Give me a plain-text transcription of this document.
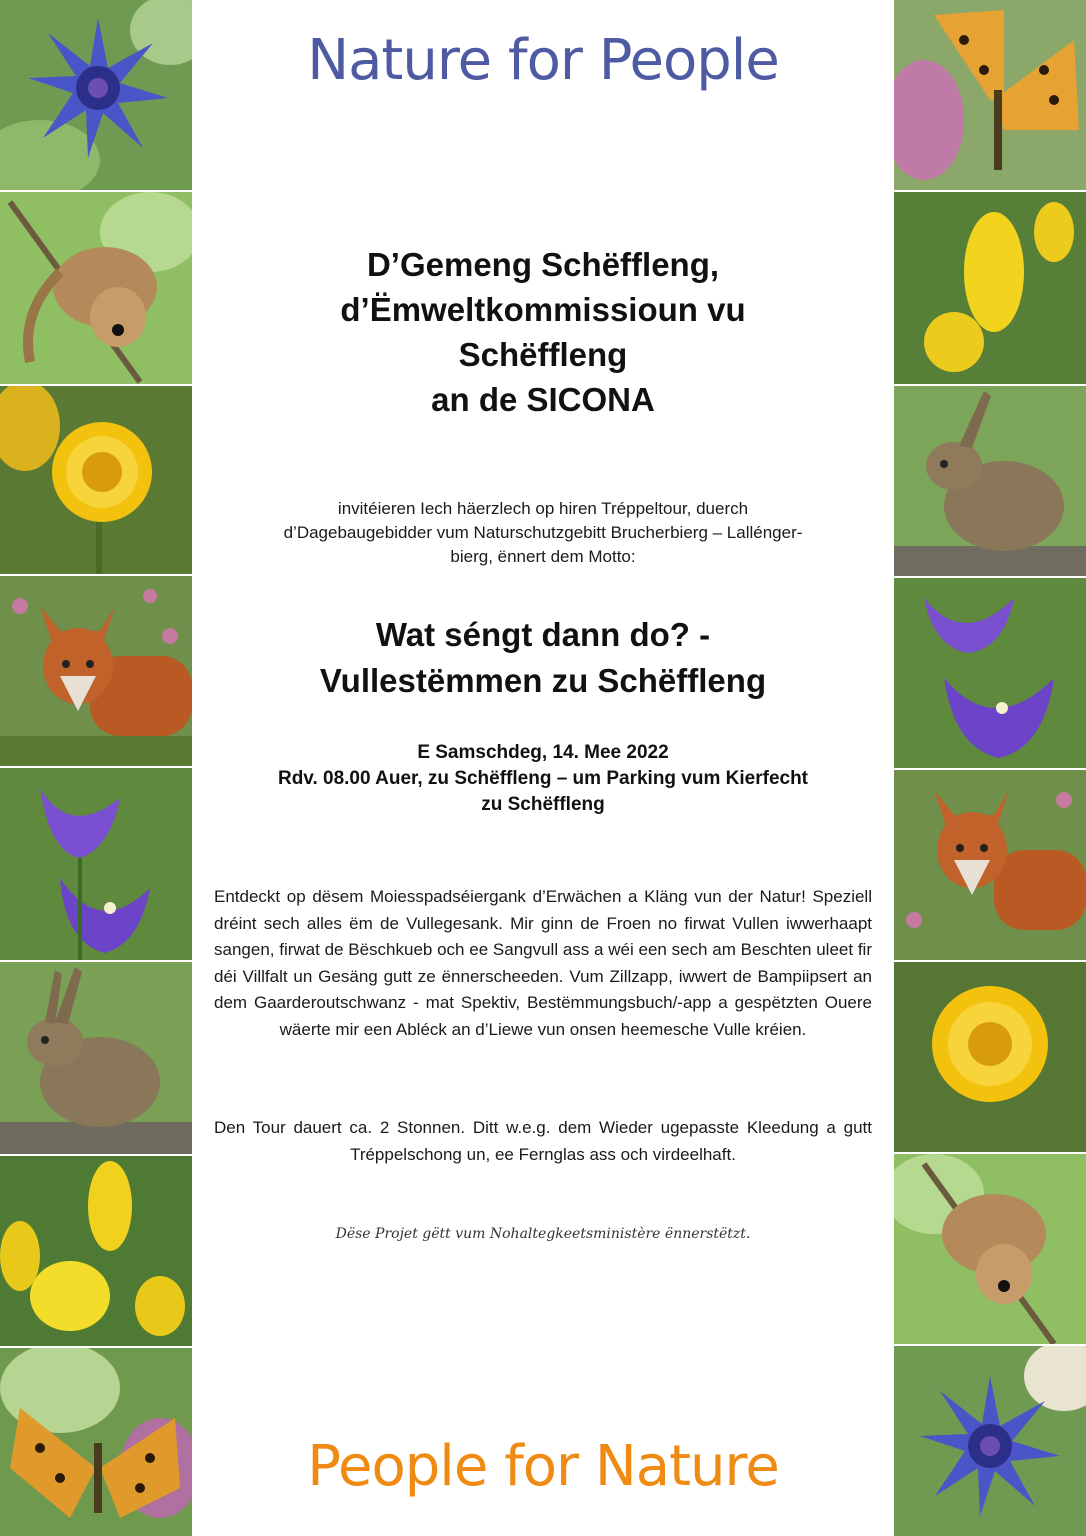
Nature for People
D’Gemeng Schëffleng,
d’Ëmweltkommissioun vu
Schëffleng
an de SICONA
invitéieren Iech häerzlech op hiren Tréppeltour, duerch
d’Dagebaugebidder vum Naturschutzgebitt Brucherbierg – Lallénger-
bierg, ënnert dem Motto:
Wat séngt dann do? -
Vullestëmmen zu Schëffleng
E Samschdeg, 14. Mee 2022
Rdv. 08.00 Auer, zu Schëffleng – um Parking vum Kierfecht
zu Schëffleng
Entdeckt op dësem Moiesspadséiergank d’Erwächen a Kläng vun der Natur! Speziell dréint sech alles ëm de Vullegesank. Mir ginn de Froen no firwat Vullen iwwerhaapt sangen, firwat de Bëschkueb och ee Sangvull ass a wéi een sech am Beschten uleet fir déi Villfalt un Gesäng gutt ze ënnerscheeden. Vum Zillzapp, iwwert de Bampiipsert an dem Gaarderoutschwanz - mat Spektiv, Bestëmmungsbuch/-app a gespëtzten Ouere wäerte mir een Abléck an d’Liewe vun onsen heemesche Vulle kréien.
Den Tour dauert ca. 2 Stonnen. Ditt w.e.g. dem Wieder ugepasste Kleedung a gutt Tréppelschong un, ee Fernglas ass och virdeelhaft.
Dëse Projet gëtt vum Nohaltegkeetsministère ënnerstëtzt.
People for Nature
